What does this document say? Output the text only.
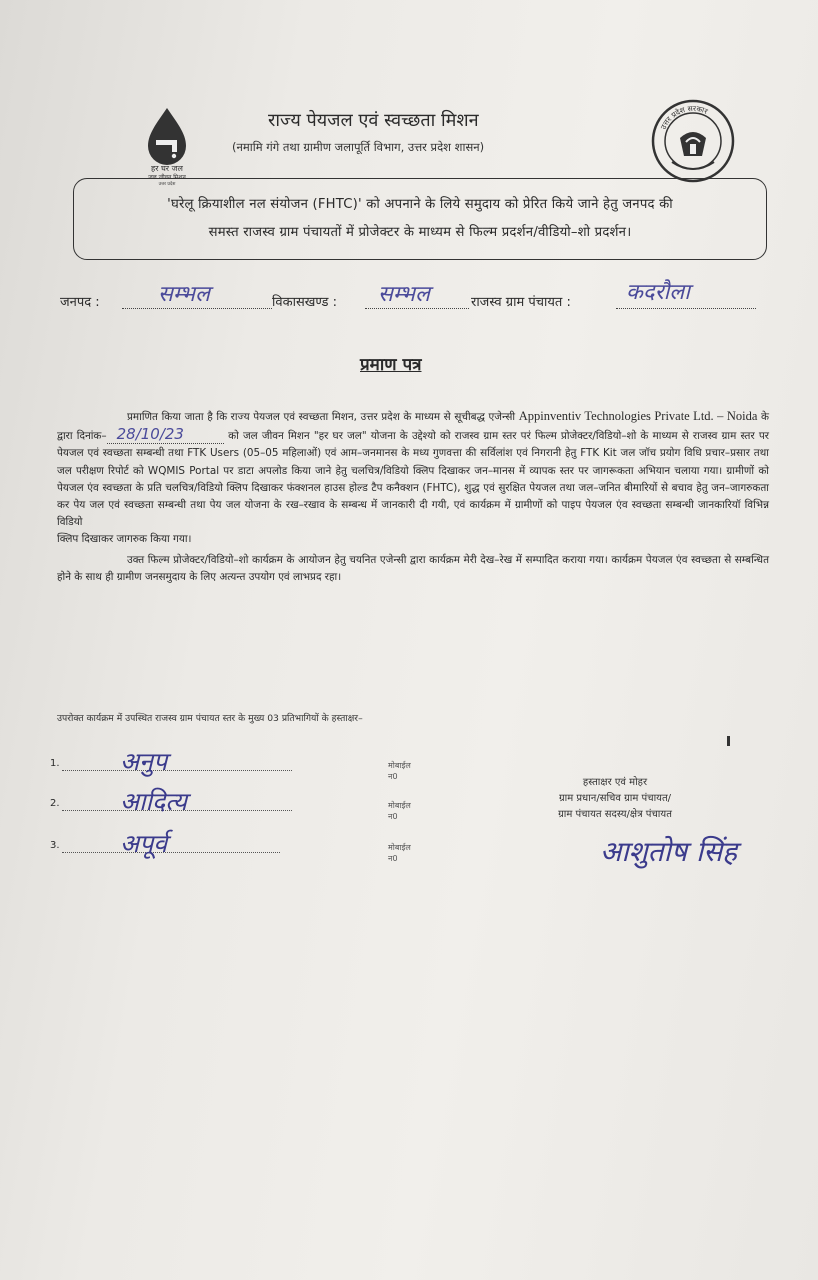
हर घर जल
जल जीवन मिशन
उत्तर प्रदेश
उत्तर प्रदेश सरकार
राज्य पेयजल एवं स्वच्छता मिशन
(नमामि गंगे तथा ग्रामीण जलापूर्ति विभाग, उत्तर प्रदेश शासन)
'घरेलू क्रियाशील नल संयोजन (FHTC)' को अपनाने के लिये समुदाय को प्रेरित किये जाने हेतु जनपद की
समस्त राजस्व ग्राम पंचायतों में प्रोजेक्टर के माध्यम से फिल्म प्रदर्शन/वीडियो–शो प्रदर्शन।
जनपद :	सम्भल	विकासखण्ड : सम्भल	राजस्व ग्राम पंचायत :	कदरौला
प्रमाण पत्र

प्रमाणित किया जाता है कि राज्य पेयजल एवं स्वच्छता मिशन, उत्तर प्रदेश के माध्यम से सूचीबद्ध एजेन्सी Appinventiv Technologies Private Ltd. – Noida के द्वारा दिनांक– 28/10/23	को जल जीवन मिशन "हर घर जल" योजना के उद्देश्यो को राजस्व ग्राम स्तर परं फिल्म प्रोजेक्टर/विडियो–शो के माध्यम से राजस्व ग्राम स्तर पर पेयजल एवं स्वच्छता सम्बन्धी तथा FTK Users (05–05 महिलाओं) एवं आम–जनमानस के मध्य गुणवत्ता की सर्विलांश एवं निगरानी हेतु FTK Kit जल जॉच प्रयोग विधि प्रचार–प्रसार तथा जल परीक्षण रिपोर्ट को WQMIS Portal पर डाटा अपलोड किया जाने हेतु चलचित्र/विडियो क्लिप दिखाकर जन–मानस में व्यापक स्तर पर जागरूकता अभियान चलाया गया। ग्रामीणों को पेयजल एंव स्वच्छता के प्रति चलचित्र/विडियो क्लिप दिखाकर फंक्शनल हाउस होल्ड टैप कनैक्शन (FHTC), शुद्ध एवं सुरक्षित पेयजल तथा जल–जनित बीमारियों से बचाव हेतु जन–जागरुकता कर पेय जल एवं स्वच्छता सम्बन्धी तथा पेय जल योजना के रख–रखाव के सम्बन्ध में जानकारी दी गयी, एवं कार्यक्रम में ग्रामीणों को पाइप पेयजल एंव स्वच्छता सम्बन्धी जानकारियॉ विभिन्न विडियो

क्लिप दिखाकर जागरुक किया गया।

उक्त फिल्म प्रोजेक्टर/विडियो–शो कार्यक्रम के आयोजन हेतु चयनित एजेन्सी द्वारा कार्यक्रम मेरी देख–रेख में सम्पादित कराया गया। कार्यक्रम पेयजल एंव स्वच्छता से सम्बन्धित होने के साथ ही ग्रामीण जनसमुदाय के लिए अत्यन्त उपयोग एवं लाभप्रद रहा।

उपरोक्त कार्यक्रम में उपस्थित राजस्व ग्राम पंचायत स्तर के मुख्य 03 प्रतिभागियों के हस्ताक्षर–
1. अनुप	मोबाईल न0
2. आदित्य	मोबाईल न0
3. अपूर्व	मोबाईल न0
हस्ताक्षर एवं मोहर
ग्राम प्रधान/सचिव ग्राम पंचायत/
ग्राम पंचायत सदस्य/क्षेत्र पंचायत
आशुतोष सिंह
